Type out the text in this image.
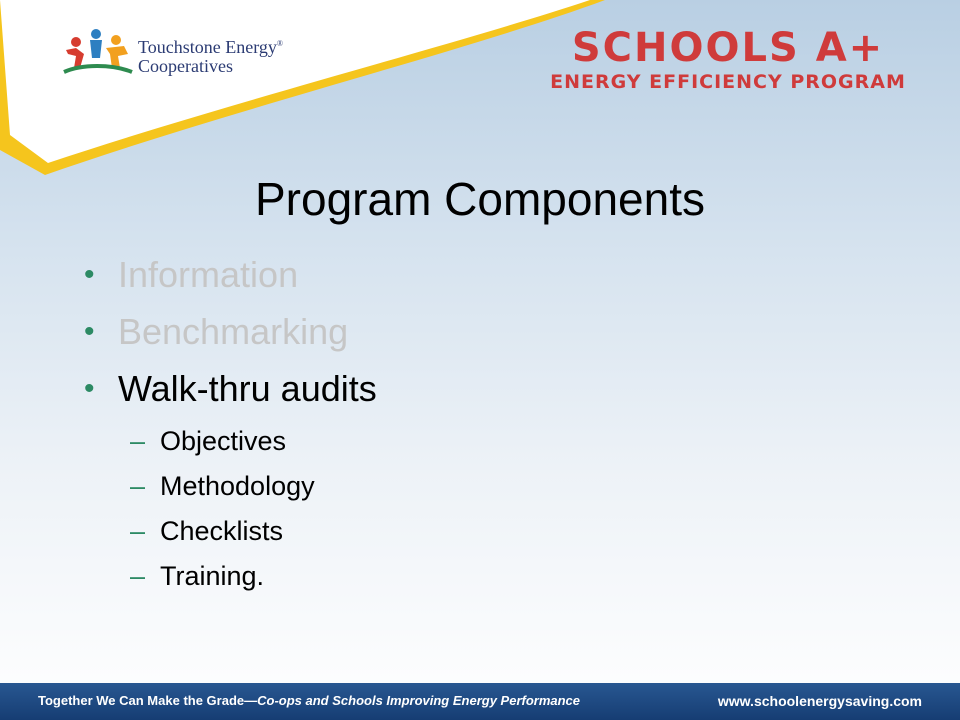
Touchstone Energy®
Cooperatives	SCHOOLS A+
ENERGY EFFICIENCY PROGRAM
Program Components
• Information
• Benchmarking
• Walk-thru audits
– Objectives
– Methodology
– Checklists
– Training.
Together We Can Make the Grade—Co-ops and Schools Improving Energy Performance	www.schoolenergysaving.com
